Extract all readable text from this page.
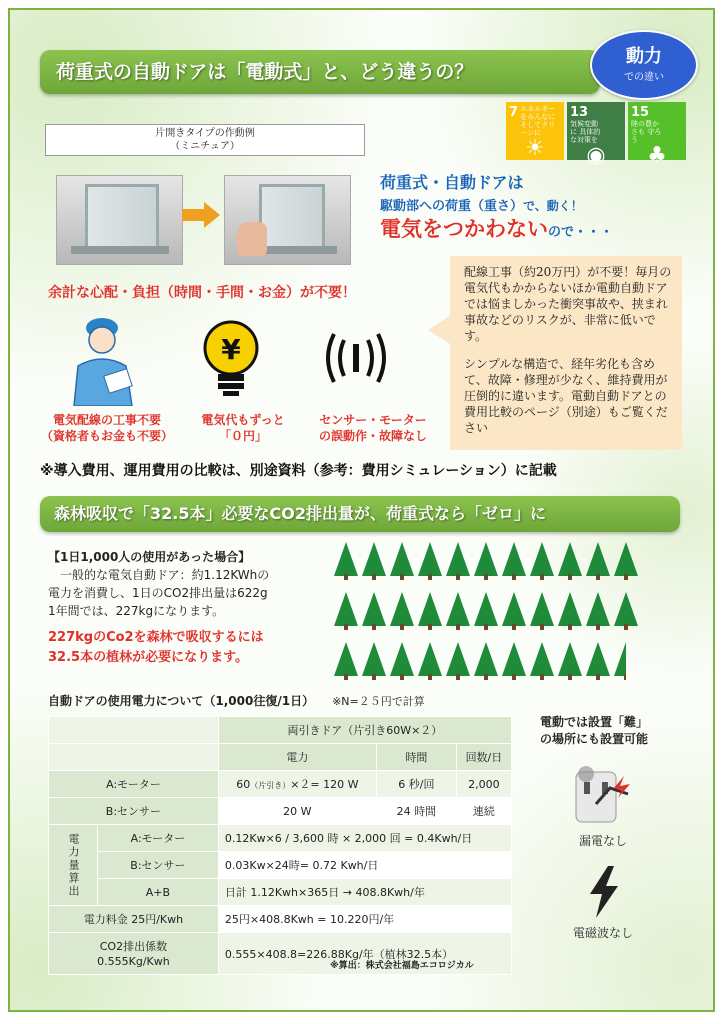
荷重式の自動ドアは「電動式」と、どう違うの？
動力
での違い
7 エネルギーをみんなに そしてクリーンに
☀
13 気候変動に 具体的な対策を
◉
15 陸の豊かさも 守ろう
♣
片開きタイプの作動例
（ミニチュア）
荷重式・自動ドアは
駆動部への荷重（重さ）で、動く！
電気をつかわないので・・・
余計な心配・負担（時間・手間・お金）が不要！

配線工事（約20万円）が不要！毎月の電気代もかからないほか電動自動ドアでは悩ましかった衝突事故や、挟まれ事故などのリスクが、非常に低いです。

シンプルな構造で、経年劣化も含めて、故障・修理が少なく、維持費用が圧倒的に違います。電動自動ドアとの費用比較のページ（別途）もご覧ください

¥
電気配線の工事不要
（資格者もお金も不要）
電気代もずっと
「０円」
センサー・モーター
の誤動作・故障なし
※導入費用、運用費用の比較は、別途資料（参考：費用シミュレーション）に記載
森林吸収で「32.5本」必要なCO2排出量が、荷重式なら「ゼロ」に
【1日1,000人の使用があった場合】
一般的な電気自動ドア：約1.12KWhの
電力を消費し、1日のCO2排出量は622g
1年間では、227kgになります。
227kgのCo2を森林で吸収するには
32.5本の植林が必要になります。
自動ドアの使用電力について（1,000往復/1日） ※N=２５円で計算
		両引きドア（片引き60W×２）		
		電力	時間	回数/日
A:モーター		60（片引き）×２= 120 W	6 秒/回	2,000
B:センサー		20 W	24 時間	連続
電力量算出	A:モーター	0.12Kw×6 / 3,600 時 × 2,000 回 = 0.4Kwh/日		
	B:センサー	0.03Kw×24時= 0.72 Kwh/日		
	A+B	日計 1.12Kwh×365日 → 408.8Kwh/年		
電力料金 25円/Kwh		25円×408.8Kwh = 10.220円/年		

CO2排出係数
0.555Kg/Kwh		0.555×408.8=226.88Kg/年（植林32.5本）		
※算出：株式会社福島エコロジカル
電動では設置「難」
の場所にも設置可能
漏電なし
電磁波なし
